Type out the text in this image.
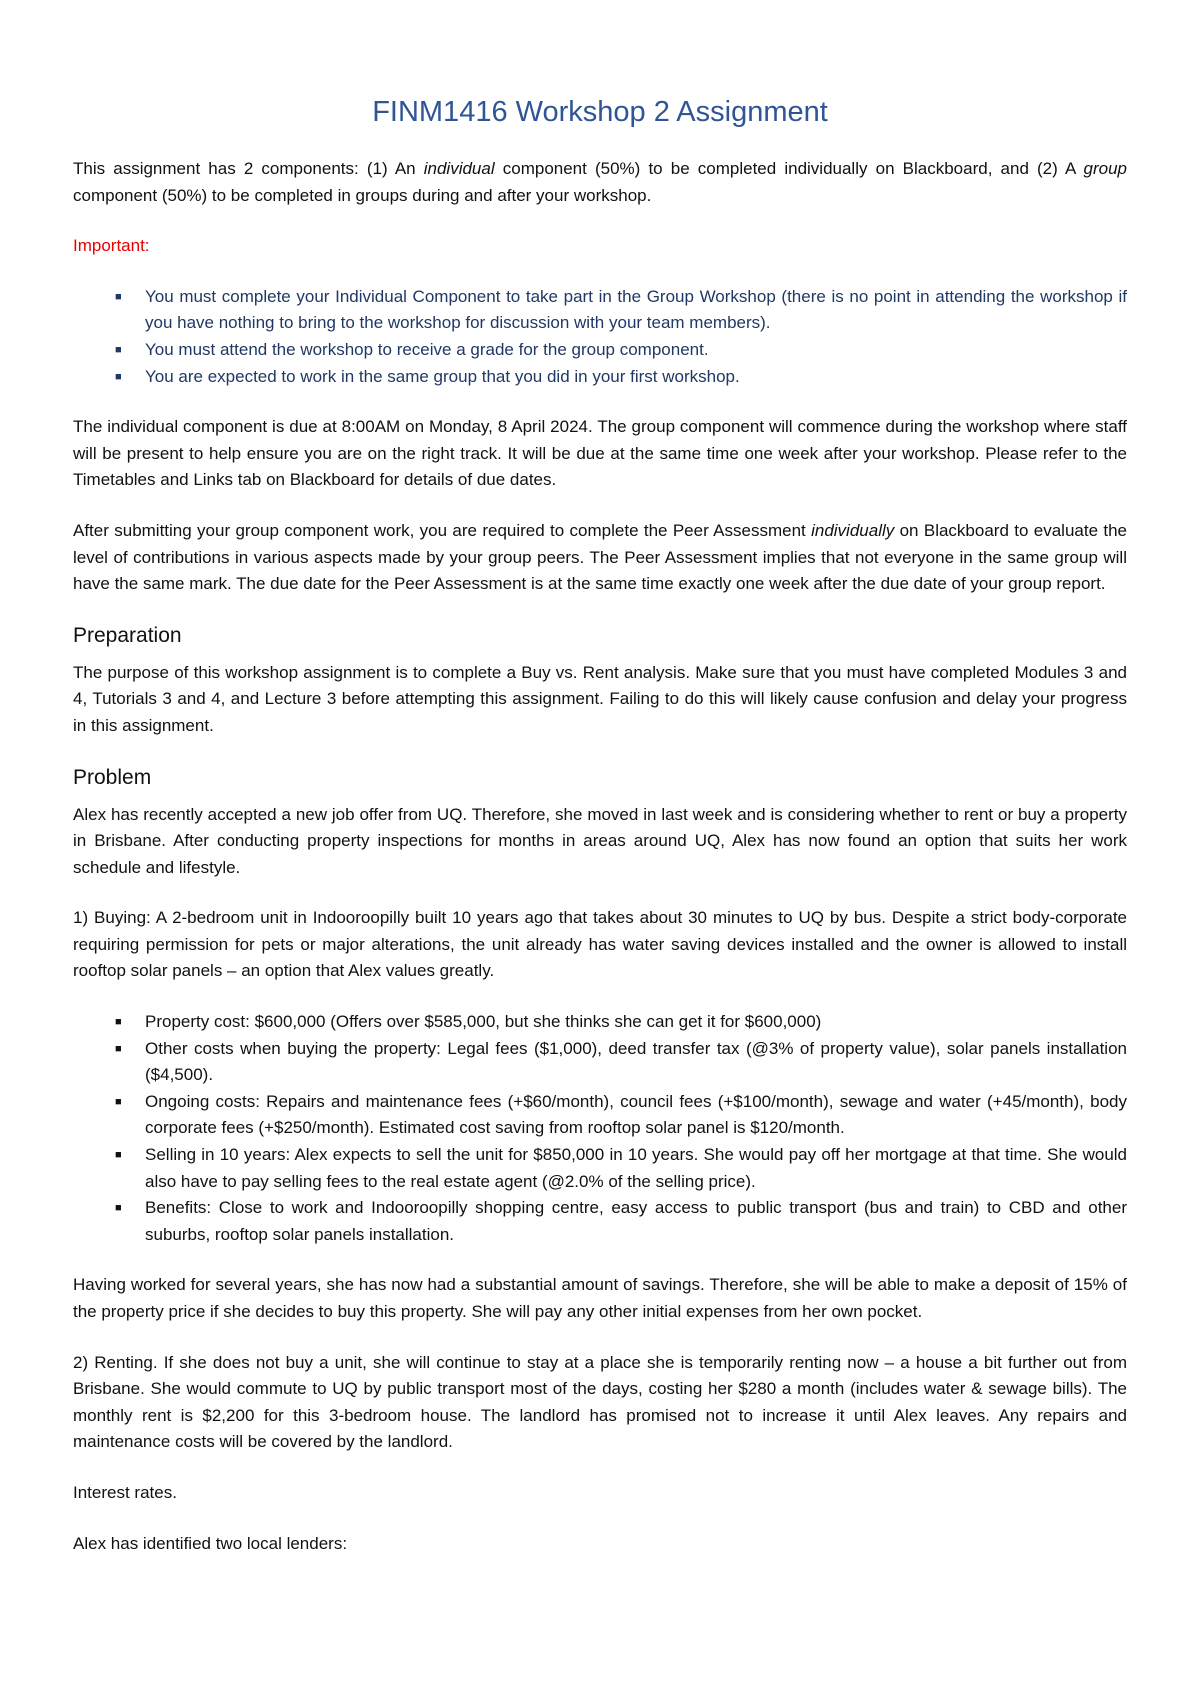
FINM1416 Workshop 2 Assignment

This assignment has 2 components: (1) An individual component (50%) to be completed individually on Blackboard, and (2) A group component (50%) to be completed in groups during and after your workshop.

Important:

■ You must complete your Individual Component to take part in the Group Workshop (there is no point in attending the workshop if you have nothing to bring to the workshop for discussion with your team members).
■ You must attend the workshop to receive a grade for the group component.
■ You are expected to work in the same group that you did in your first workshop.

The individual component is due at 8:00AM on Monday, 8 April 2024. The group component will commence during the workshop where staff will be present to help ensure you are on the right track. It will be due at the same time one week after your workshop. Please refer to the Timetables and Links tab on Blackboard for details of due dates.

After submitting your group component work, you are required to complete the Peer Assessment individually on Blackboard to evaluate the level of contributions in various aspects made by your group peers. The Peer Assessment implies that not everyone in the same group will have the same mark. The due date for the Peer Assessment is at the same time exactly one week after the due date of your group report.

Preparation

The purpose of this workshop assignment is to complete a Buy vs. Rent analysis. Make sure that you must have completed Modules 3 and 4, Tutorials 3 and 4, and Lecture 3 before attempting this assignment. Failing to do this will likely cause confusion and delay your progress in this assignment.

Problem

Alex has recently accepted a new job offer from UQ. Therefore, she moved in last week and is considering whether to rent or buy a property in Brisbane. After conducting property inspections for months in areas around UQ, Alex has now found an option that suits her work schedule and lifestyle.

1) Buying: A 2-bedroom unit in Indooroopilly built 10 years ago that takes about 30 minutes to UQ by bus. Despite a strict body-corporate requiring permission for pets or major alterations, the unit already has water saving devices installed and the owner is allowed to install rooftop solar panels – an option that Alex values greatly.

■ Property cost: $600,000 (Offers over $585,000, but she thinks she can get it for $600,000)
■ Other costs when buying the property: Legal fees ($1,000), deed transfer tax (@3% of property value), solar panels installation ($4,500).
■ Ongoing costs: Repairs and maintenance fees (+$60/month), council fees (+$100/month), sewage and water (+45/month), body corporate fees (+$250/month). Estimated cost saving from rooftop solar panel is $120/month.
■ Selling in 10 years: Alex expects to sell the unit for $850,000 in 10 years. She would pay off her mortgage at that time. She would also have to pay selling fees to the real estate agent (@2.0% of the selling price).
■ Benefits: Close to work and Indooroopilly shopping centre, easy access to public transport (bus and train) to CBD and other suburbs, rooftop solar panels installation.

Having worked for several years, she has now had a substantial amount of savings. Therefore, she will be able to make a deposit of 15% of the property price if she decides to buy this property. She will pay any other initial expenses from her own pocket.

2) Renting. If she does not buy a unit, she will continue to stay at a place she is temporarily renting now – a house a bit further out from Brisbane. She would commute to UQ by public transport most of the days, costing her $280 a month (includes water & sewage bills). The monthly rent is $2,200 for this 3-bedroom house. The landlord has promised not to increase it until Alex leaves. Any repairs and maintenance costs will be covered by the landlord.

Interest rates.

Alex has identified two local lenders:
